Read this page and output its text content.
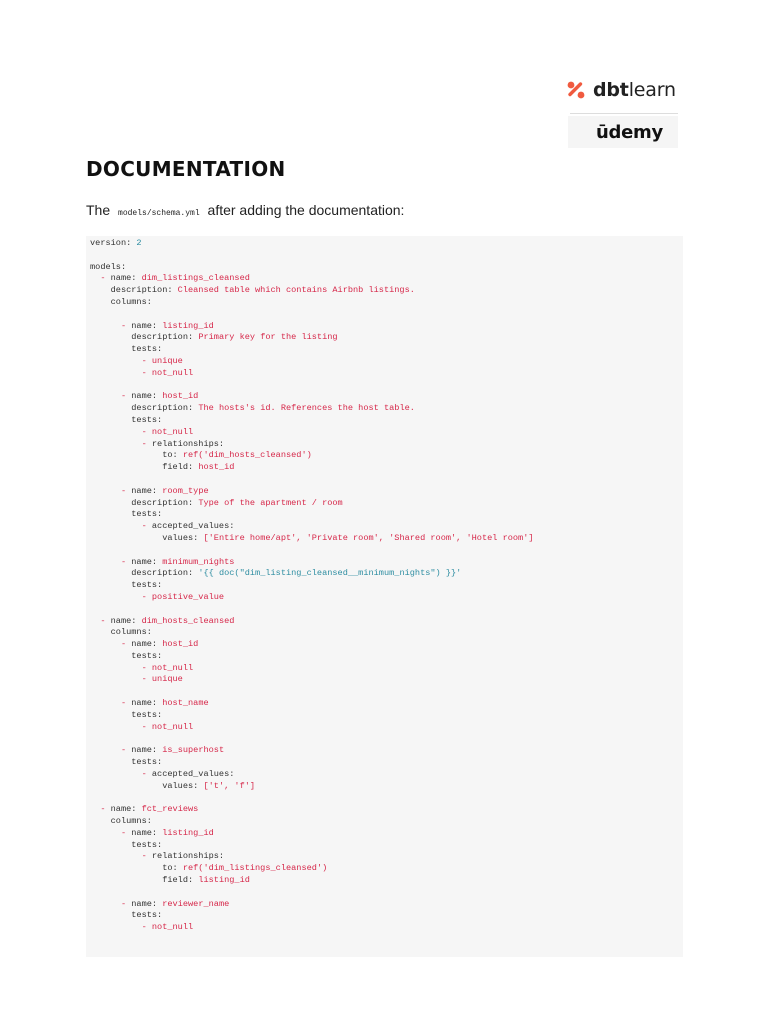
dbtlearn
ūdemy
DOCUMENTATION
The models/schema.yml after adding the documentation:
version: 2
models:
- name: dim_listings_cleansed
description: Cleansed table which contains Airbnb listings.
columns:
- name: listing_id
description: Primary key for the listing
tests:
- unique
- not_null
- name: host_id
description: The hosts's id. References the host table.
tests:
- not_null
- relationships:
to: ref('dim_hosts_cleansed')
field: host_id
- name: room_type
description: Type of the apartment / room
tests:
- accepted_values:
values: ['Entire home/apt', 'Private room', 'Shared room', 'Hotel room']
- name: minimum_nights
description: '{{ doc("dim_listing_cleansed__minimum_nights") }}'
tests:
- positive_value
- name: dim_hosts_cleansed
columns:
- name: host_id
tests:
- not_null
- unique
- name: host_name
tests:
- not_null
- name: is_superhost
tests:
- accepted_values:
values: ['t', 'f']
- name: fct_reviews
columns:
- name: listing_id
tests:
- relationships:
to: ref('dim_listings_cleansed')
field: listing_id
- name: reviewer_name
tests:
- not_null
